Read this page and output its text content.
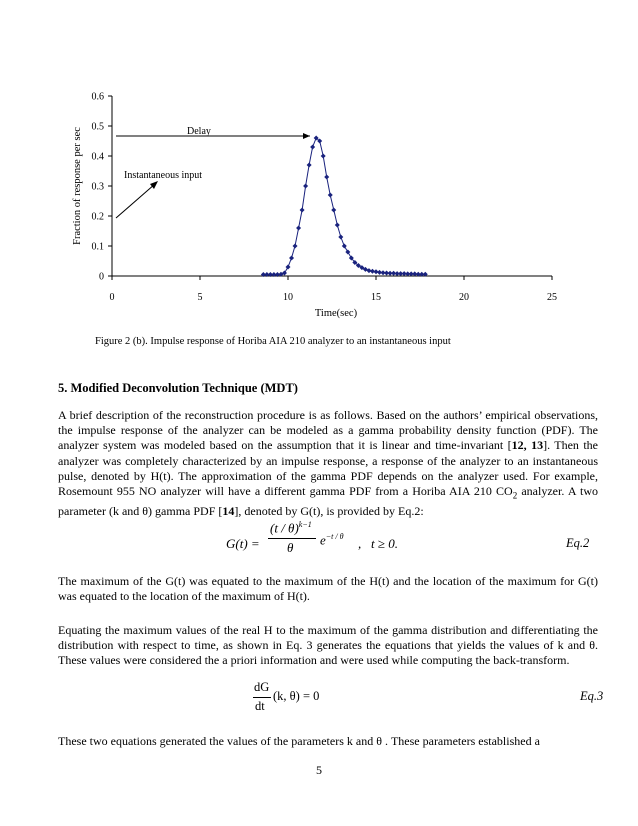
0	5	10	15	20	25
0
0.1
0.2
0.3
0.4
0.5
0.6
Delay
Instantaneous input
Fraction of response per sec
Time(sec)
Figure 2 (b). Impulse response of Horiba AIA 210 analyzer to an instantaneous input
5. Modified Deconvolution Technique (MDT)
A brief description of the reconstruction procedure is as follows. Based on the authors’ empirical observations, the impulse response of the analyzer can be modeled as a gamma probability density function (PDF). The analyzer system was modeled based on the assumption that it is linear and time-invariant [12, 13]. Then the analyzer was completely characterized by an impulse response, a response of the analyzer to an instantaneous pulse, denoted by H(t). The approximation of the gamma PDF depends on the analyzer used. For example, Rosemount 955 NO analyzer will have a different gamma PDF from a Horiba AIA 210 $CO_2$ analyzer. A two parameter (k and θ) gamma PDF [14], denoted by G(t), is provided by Eq.2:
G(t) =
(t / θ)$^{k-1}$
θ
$e^{-t / \theta}$ ,   t ≥ 0.	Eq.2
The maximum of the G(t) was equated to the maximum of the H(t) and the location of the maximum for G(t) was equated to the location of the maximum of H(t).
Equating the maximum values of the real H to the maximum of the gamma distribution and differentiating the distribution with respect to time, as shown in Eq. 3 generates the equations that yields the values of k and θ. These values were considered the a priori information and were used while computing the back-transform.
dG
dt
(k, θ) = 0	Eq.3
These two equations generated the values of the parameters k and θ . These parameters established a
5
